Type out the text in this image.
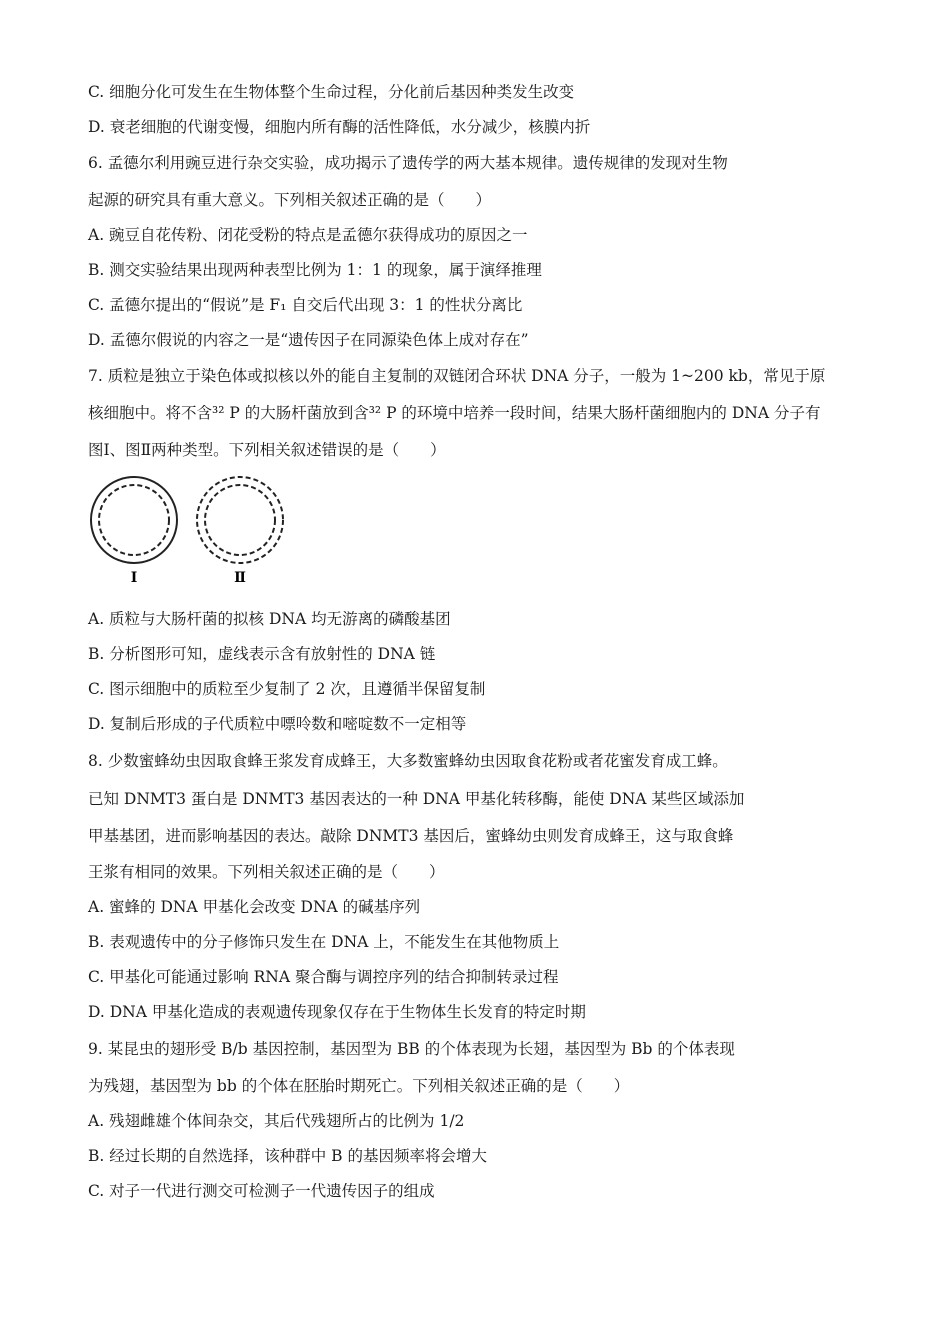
C. 细胞分化可发生在生物体整个生命过程，分化前后基因种类发生改变
D. 衰老细胞的代谢变慢，细胞内所有酶的活性降低，水分减少，核膜内折
6. 孟德尔利用豌豆进行杂交实验，成功揭示了遗传学的两大基本规律。遗传规律的发现对生物
起源的研究具有重大意义。下列相关叙述正确的是（　　）
A. 豌豆自花传粉、闭花受粉的特点是孟德尔获得成功的原因之一
B. 测交实验结果出现两种表型比例为 1：1 的现象，属于演绎推理
C. 孟德尔提出的“假说”是 F₁ 自交后代出现 3：1 的性状分离比
D. 孟德尔假说的内容之一是“遗传因子在同源染色体上成对存在”
7. 质粒是独立于染色体或拟核以外的能自主复制的双链闭合环状 DNA 分子，一般为 1~200 kb，常见于原
核细胞中。将不含³² P 的大肠杆菌放到含³² P 的环境中培养一段时间，结果大肠杆菌细胞内的 DNA 分子有
图Ⅰ、图Ⅱ两种类型。下列相关叙述错误的是（　　）
Ⅰ	Ⅱ
A. 质粒与大肠杆菌的拟核 DNA 均无游离的磷酸基团
B. 分析图形可知，虚线表示含有放射性的 DNA 链
C. 图示细胞中的质粒至少复制了 2 次，且遵循半保留复制
D. 复制后形成的子代质粒中嘌呤数和嘧啶数不一定相等
8. 少数蜜蜂幼虫因取食蜂王浆发育成蜂王，大多数蜜蜂幼虫因取食花粉或者花蜜发育成工蜂。
已知 DNMT3 蛋白是 DNMT3 基因表达的一种 DNA 甲基化转移酶，能使 DNA 某些区域添加
甲基基团，进而影响基因的表达。敲除 DNMT3 基因后，蜜蜂幼虫则发育成蜂王，这与取食蜂
王浆有相同的效果。下列相关叙述正确的是（　　）
A. 蜜蜂的 DNA 甲基化会改变 DNA 的碱基序列
B. 表观遗传中的分子修饰只发生在 DNA 上，不能发生在其他物质上
C. 甲基化可能通过影响 RNA 聚合酶与调控序列的结合抑制转录过程
D. DNA 甲基化造成的表观遗传现象仅存在于生物体生长发育的特定时期
9. 某昆虫的翅形受 B/b 基因控制，基因型为 BB 的个体表现为长翅，基因型为 Bb 的个体表现
为残翅，基因型为 bb 的个体在胚胎时期死亡。下列相关叙述正确的是（　　）
A. 残翅雌雄个体间杂交，其后代残翅所占的比例为 1/2
B. 经过长期的自然选择，该种群中 B 的基因频率将会增大
C. 对子一代进行测交可检测子一代遗传因子的组成
